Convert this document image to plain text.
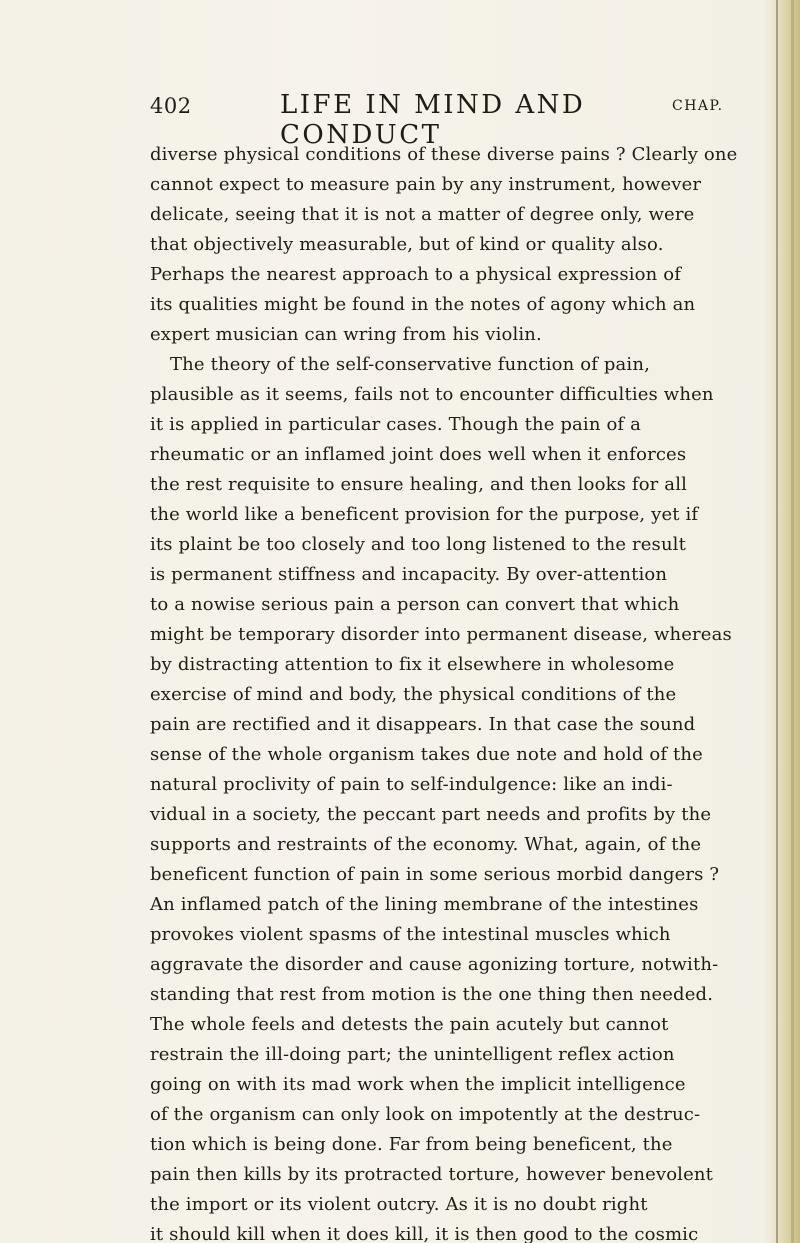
402	LIFE IN MIND AND CONDUCT
CHAP.
diverse physical conditions of these diverse pains ? Clearly one
cannot expect to measure pain by any instrument, however
delicate, seeing that it is not a matter of degree only, were
that objectively measurable, but of kind or quality also.
Perhaps the nearest approach to a physical expression of
its qualities might be found in the notes of agony which an
expert musician can wring from his violin.
The theory of the self-conservative function of pain,
plausible as it seems, fails not to encounter difficulties when
it is applied in particular cases. Though the pain of a
rheumatic or an inflamed joint does well when it enforces
the rest requisite to ensure healing, and then looks for all
the world like a beneficent provision for the purpose, yet if
its plaint be too closely and too long listened to the result
is permanent stiffness and incapacity. By over-attention
to a nowise serious pain a person can convert that which
might be temporary disorder into permanent disease, whereas
by distracting attention to fix it elsewhere in wholesome
exercise of mind and body, the physical conditions of the
pain are rectified and it disappears. In that case the sound
sense of the whole organism takes due note and hold of the
natural proclivity of pain to self-indulgence: like an indi-
vidual in a society, the peccant part needs and profits by the
supports and restraints of the economy. What, again, of the
beneficent function of pain in some serious morbid dangers ?
An inflamed patch of the lining membrane of the intestines
provokes violent spasms of the intestinal muscles which
aggravate the disorder and cause agonizing torture, notwith-
standing that rest from motion is the one thing then needed.
The whole feels and detests the pain acutely but cannot
restrain the ill-doing part; the unintelligent reflex action
going on with its mad work when the implicit intelligence
of the organism can only look on impotently at the destruc-
tion which is being done. Far from being beneficent, the
pain then kills by its protracted torture, however benevolent
the import or its violent outcry. As it is no doubt right
it should kill when it does kill, it is then good to the cosmic
